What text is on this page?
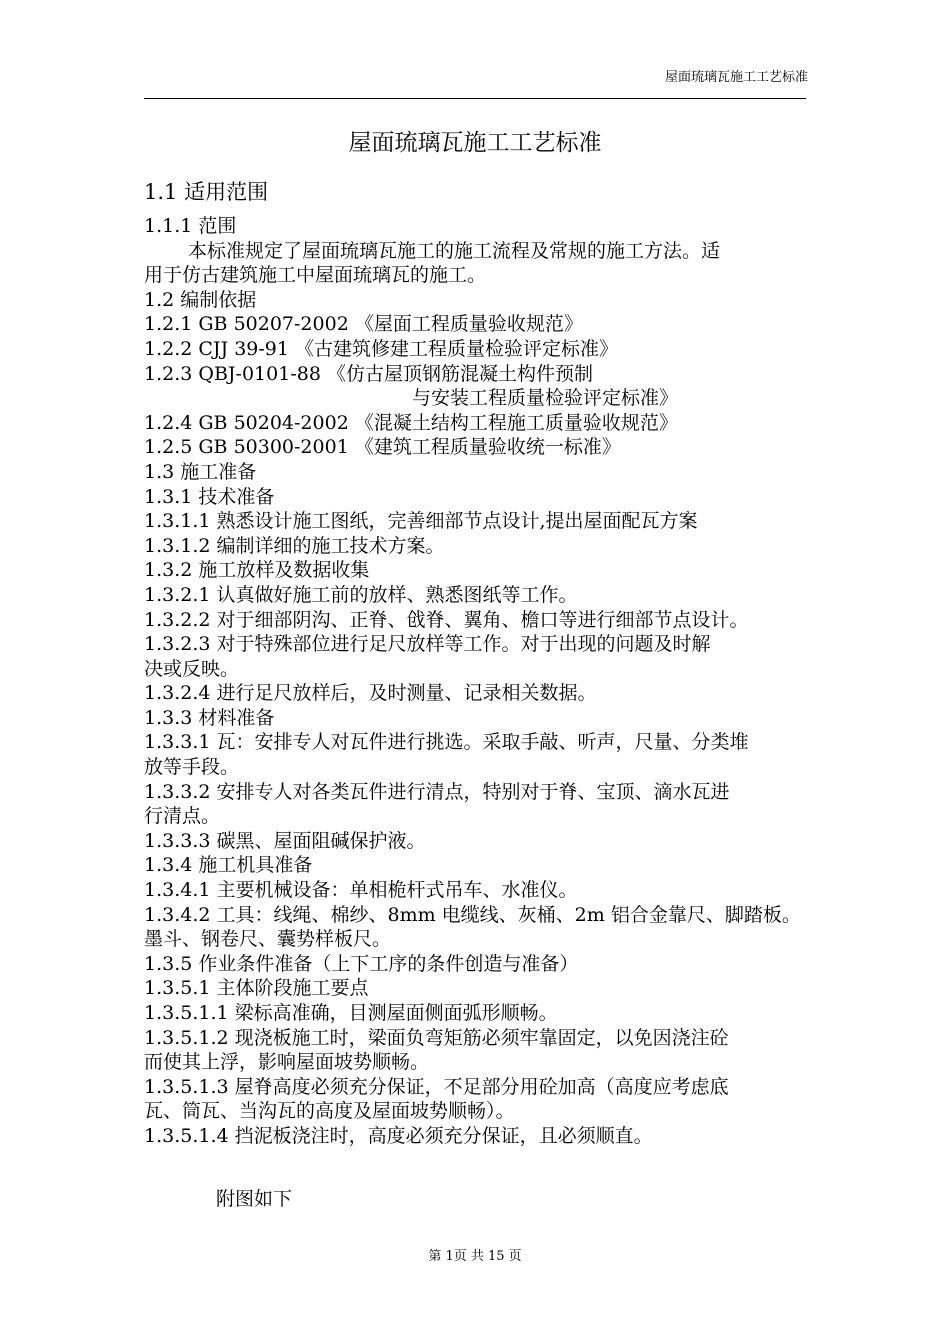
屋面琉璃瓦施工工艺标准
屋面琉璃瓦施工工艺标准
1.1 适用范围
1.1.1 范围
本标准规定了屋面琉璃瓦施工的施工流程及常规的施工方法。适
用于仿古建筑施工中屋面琉璃瓦的施工。
1.2 编制依据
1.2.1 GB 50207-2002 《屋面工程质量验收规范》
1.2.2 CJJ 39-91 《古建筑修建工程质量检验评定标准》
1.2.3 QBJ-0101-88 《仿古屋顶钢筋混凝土构件预制
与安装工程质量检验评定标准》
1.2.4 GB 50204-2002 《混凝土结构工程施工质量验收规范》
1.2.5 GB 50300-2001 《建筑工程质量验收统一标准》
1.3 施工准备
1.3.1 技术准备
1.3.1.1 熟悉设计施工图纸，完善细部节点设计,提出屋面配瓦方案
1.3.1.2 编制详细的施工技术方案。
1.3.2 施工放样及数据收集
1.3.2.1 认真做好施工前的放样、熟悉图纸等工作。
1.3.2.2 对于细部阴沟、正脊、戗脊、翼角、檐口等进行细部节点设计。
1.3.2.3 对于特殊部位进行足尺放样等工作。对于出现的问题及时解
决或反映。
1.3.2.4 进行足尺放样后，及时测量、记录相关数据。
1.3.3 材料准备
1.3.3.1 瓦：安排专人对瓦件进行挑选。采取手敲、听声，尺量、分类堆
放等手段。
1.3.3.2 安排专人对各类瓦件进行清点，特别对于脊、宝顶、滴水瓦进
行清点。
1.3.3.3 碳黑、屋面阻碱保护液。
1.3.4 施工机具准备
1.3.4.1 主要机械设备：单相桅杆式吊车、水准仪。
1.3.4.2 工具：线绳、棉纱、8mm 电缆线、灰桶、2m 铝合金靠尺、脚踏板。
墨斗、钢卷尺、囊势样板尺。
1.3.5 作业条件准备（上下工序的条件创造与准备）
1.3.5.1 主体阶段施工要点
1.3.5.1.1 梁标高准确，目测屋面侧面弧形顺畅。
1.3.5.1.2 现浇板施工时，梁面负弯矩筋必须牢靠固定，以免因浇注砼
而使其上浮，影响屋面坡势顺畅。
1.3.5.1.3 屋脊高度必须充分保证，不足部分用砼加高（高度应考虑底
瓦、筒瓦、当沟瓦的高度及屋面坡势顺畅）。
1.3.5.1.4 挡泥板浇注时，高度必须充分保证，且必须顺直。
附图如下
第 1页 共 15 页
